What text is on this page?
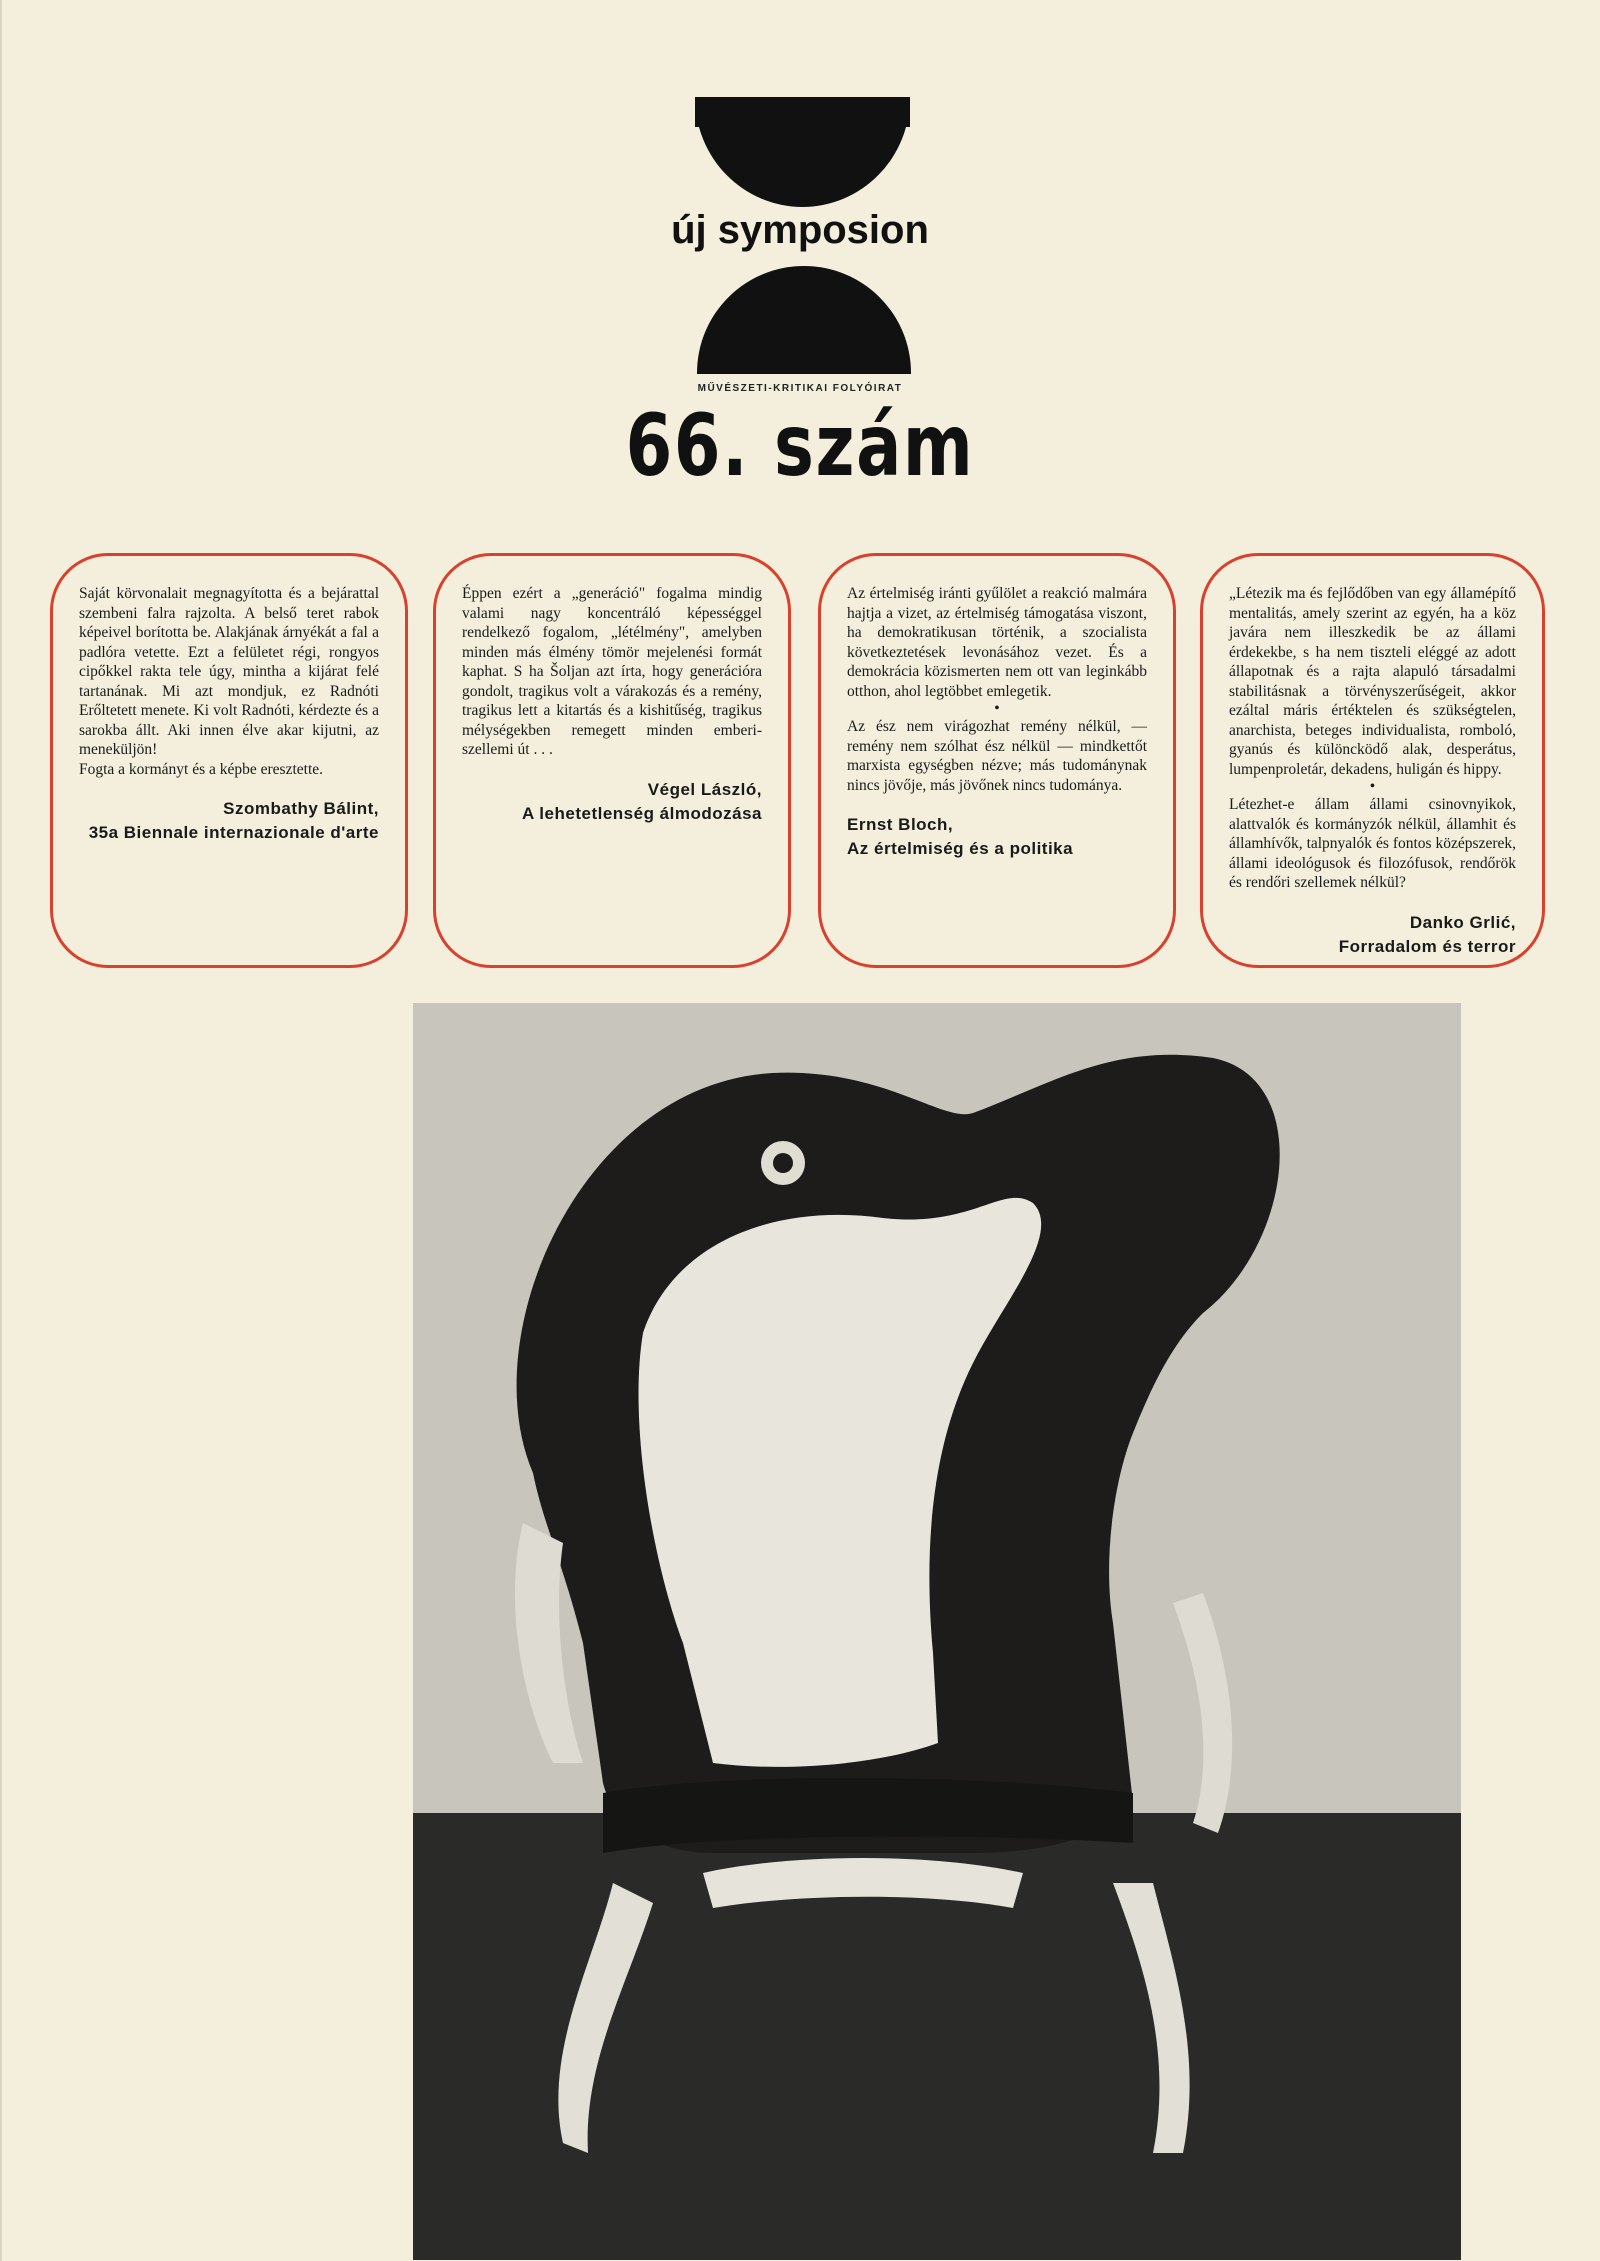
új symposion
MŰVÉSZETI-KRITIKAI FOLYÓIRAT
66. szám
Saját körvonalait megnagyította és a bejárattal szembeni falra rajzolta. A belső teret rabok képeivel borította be. Alakjának árnyékát a fal a padlóra vetette. Ezt a felületet régi, rongyos cipőkkel rakta tele úgy, mintha a kijárat felé tartanának. Mi azt mondjuk, ez Radnóti Erőltetett menete. Ki volt Radnóti, kérdezte és a sarokba állt. Aki innen élve akar kijutni, az meneküljön!
Fogta a kormányt és a képbe eresztette.
Szombathy Bálint,
35a Biennale internazionale d'arte
Éppen ezért a „generáció" fogalma mindig valami nagy koncentráló képességgel rendelkező fogalom, „létélmény", amelyben minden más élmény tömör mejelenési formát kaphat. S ha Šoljan azt írta, hogy generációra gondolt, tragikus volt a várakozás és a remény, tragikus lett a kitartás és a kishitűség, tragikus mélységekben remegett minden emberi-szellemi út . . .
Végel László,
A lehetetlenség álmodozása
Az értelmiség iránti gyűlölet a reakció malmára hajtja a vizet, az értelmiség támogatása viszont, ha demokratikusan történik, a szocialista következtetések levonásához vezet. És a demokrácia közismerten nem ott van leginkább otthon, ahol legtöbbet emlegetik.
•
Az ész nem virágozhat remény nélkül, — remény nem szólhat ész nélkül — mindkettőt marxista egységben nézve; más tudománynak nincs jövője, más jövőnek nincs tudománya.
Ernst Bloch,
Az értelmiség és a politika
„Létezik ma és fejlődőben van egy államépítő mentalitás, amely szerint az egyén, ha a köz javára nem illeszkedik be az állami érdekekbe, s ha nem tiszteli eléggé az adott állapotnak és a rajta alapuló társadalmi stabilitásnak a törvényszerűségeit, akkor ezáltal máris értéktelen és szükségtelen, anarchista, beteges individualista, romboló, gyanús és különcködő alak, desperátus, lumpenproletár, dekadens, huligán és hippy.
•
Létezhet-e állam állami csinovnyikok, alattvalók és kormányzók nélkül, államhit és államhívők, talpnyalók és fontos középszerek, állami ideológusok és filozófusok, rendőrök és rendőri szellemek nélkül?
Danko Grlić,
Forradalom és terror
